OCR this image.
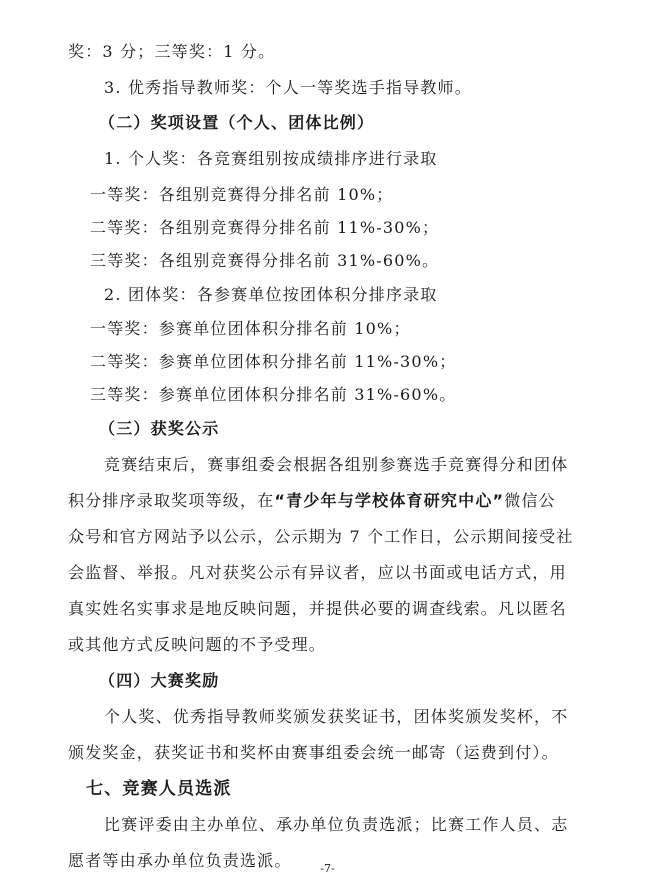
奖：3 分；三等奖：1 分。
3. 优秀指导教师奖：个人一等奖选手指导教师。
（二）奖项设置（个人、团体比例）
1. 个人奖：各竞赛组别按成绩排序进行录取
一等奖：各组别竞赛得分排名前 10%；
二等奖：各组别竞赛得分排名前 11%-30%；
三等奖：各组别竞赛得分排名前 31%-60%。
2. 团体奖：各参赛单位按团体积分排序录取
一等奖：参赛单位团体积分排名前 10%；
二等奖：参赛单位团体积分排名前 11%-30%；
三等奖：参赛单位团体积分排名前 31%-60%。
（三）获奖公示
竞赛结束后，赛事组委会根据各组别参赛选手竞赛得分和团体
积分排序录取奖项等级，在“青少年与学校体育研究中心”微信公
众号和官方网站予以公示，公示期为 7 个工作日，公示期间接受社
会监督、举报。凡对获奖公示有异议者，应以书面或电话方式，用
真实姓名实事求是地反映问题，并提供必要的调查线索。凡以匿名
或其他方式反映问题的不予受理。
（四）大赛奖励
个人奖、优秀指导教师奖颁发获奖证书，团体奖颁发奖杯，不
颁发奖金，获奖证书和奖杯由赛事组委会统一邮寄（运费到付）。
七、竞赛人员选派
比赛评委由主办单位、承办单位负责选派；比赛工作人员、志
愿者等由承办单位负责选派。	-7-
